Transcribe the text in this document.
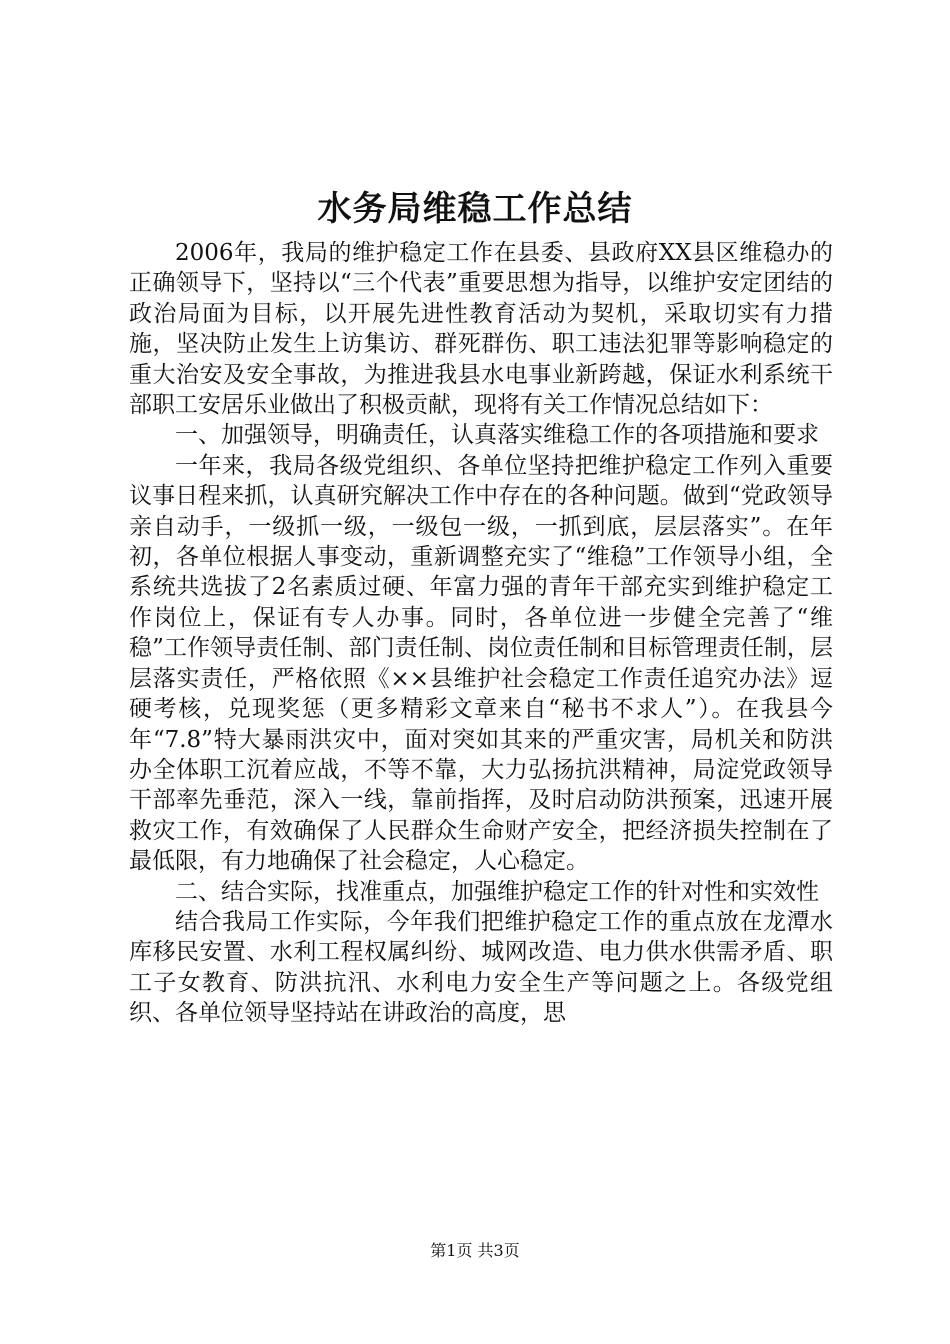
水务局维稳工作总结

2006年，我局的维护稳定工作在县委、县政府XX县区维稳办的正确领导下，坚持以“三个代表”重要思想为指导，以维护安定团结的政治局面为目标，以开展先进性教育活动为契机，采取切实有力措施，坚决防止发生上访集访、群死群伤、职工违法犯罪等影响稳定的重大治安及安全事故，为推进我县水电事业新跨越，保证水利系统干部职工安居乐业做出了积极贡献，现将有关工作情况总结如下：

一、加强领导，明确责任，认真落实维稳工作的各项措施和要求

一年来，我局各级党组织、各单位坚持把维护稳定工作列入重要议事日程来抓，认真研究解决工作中存在的各种问题。做到“党政领导亲自动手，一级抓一级，一级包一级，一抓到底，层层落实”。在年初，各单位根据人事变动，重新调整充实了“维稳”工作领导小组，全系统共选拔了2名素质过硬、年富力强的青年干部充实到维护稳定工作岗位上，保证有专人办事。同时，各单位进一步健全完善了“维稳”工作领导责任制、部门责任制、岗位责任制和目标管理责任制，层层落实责任，严格依照《××县维护社会稳定工作责任追究办法》逗硬考核，兑现奖惩（更多精彩文章来自“秘书不求人”）。在我县今年“7.8”特大暴雨洪灾中，面对突如其来的严重灾害，局机关和防洪办全体职工沉着应战，不等不靠，大力弘扬抗洪精神，局淀党政领导干部率先垂范，深入一线，靠前指挥，及时启动防洪预案，迅速开展救灾工作，有效确保了人民群众生命财产安全，把经济损失控制在了最低限，有力地确保了社会稳定，人心稳定。

二、结合实际，找准重点，加强维护稳定工作的针对性和实效性

结合我局工作实际，今年我们把维护稳定工作的重点放在龙潭水库移民安置、水利工程权属纠纷、城网改造、电力供水供需矛盾、职工子女教育、防洪抗汛、水利电力安全生产等问题之上。各级党组织、各单位领导坚持站在讲政治的高度，思

第1页 共3页
